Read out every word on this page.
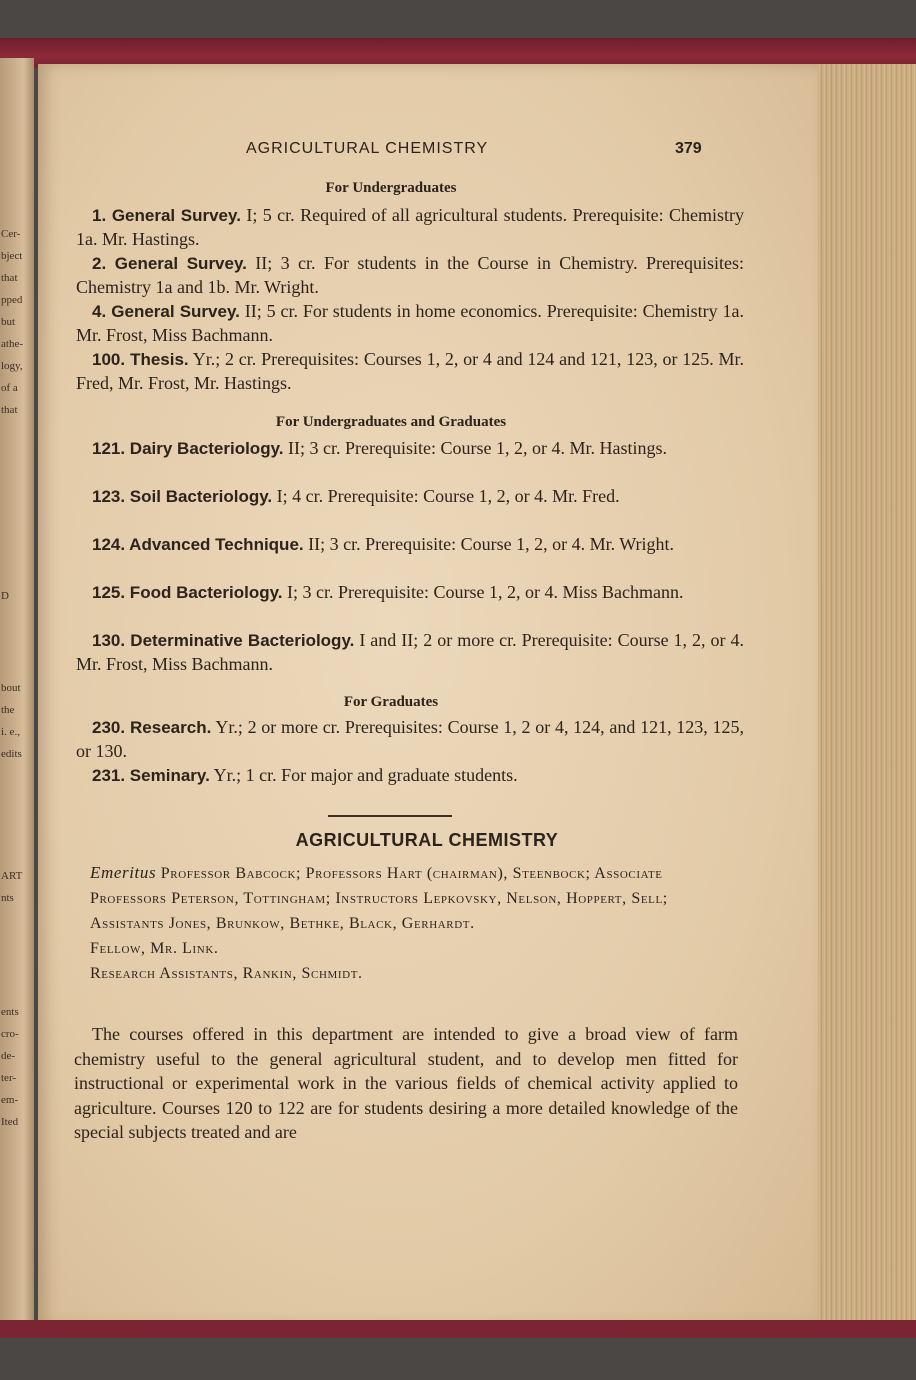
Cer-
bject
that
pped
but
athe-
logy,
of a
that
D
bout
the
i. e.,
edits
ART
nts
ents
cro-
de-
ter-
em-
Ited
AGRICULTURAL CHEMISTRY	379
For Undergraduates
1. General Survey. I; 5 cr. Required of all agricultural students. Prerequisite: Chemistry 1a. Mr. Hastings.
2. General Survey. II; 3 cr. For students in the Course in Chemistry. Prerequisites: Chemistry 1a and 1b. Mr. Wright.
4. General Survey. II; 5 cr. For students in home economics. Prerequisite: Chemistry 1a. Mr. Frost, Miss Bachmann.
100. Thesis. Yr.; 2 cr. Prerequisites: Courses 1, 2, or 4 and 124 and 121, 123, or 125. Mr. Fred, Mr. Frost, Mr. Hastings.
For Undergraduates and Graduates
121. Dairy Bacteriology. II; 3 cr. Prerequisite: Course 1, 2, or 4. Mr. Hastings.
123. Soil Bacteriology. I; 4 cr. Prerequisite: Course 1, 2, or 4. Mr. Fred.
124. Advanced Technique. II; 3 cr. Prerequisite: Course 1, 2, or 4. Mr. Wright.
125. Food Bacteriology. I; 3 cr. Prerequisite: Course 1, 2, or 4. Miss Bachmann.
130. Determinative Bacteriology. I and II; 2 or more cr. Prerequisite: Course 1, 2, or 4. Mr. Frost, Miss Bachmann.
For Graduates
230. Research. Yr.; 2 or more cr. Prerequisites: Course 1, 2 or 4, 124, and 121, 123, 125, or 130.
231. Seminary. Yr.; 1 cr. For major and graduate students.
AGRICULTURAL CHEMISTRY
Emeritus Professor Babcock; Professors Hart (chairman), Steenbock; Associate Professors Peterson, Tottingham; Instructors Lepkovsky, Nelson, Hoppert, Sell; Assistants Jones, Brunkow, Bethke, Black, Gerhardt.
Fellow, Mr. Link.
Research Assistants, Rankin, Schmidt.
The courses offered in this department are intended to give a broad view of farm chemistry useful to the general agricultural student, and to develop men fitted for instructional or experimental work in the various fields of chemical activity applied to agriculture. Courses 120 to 122 are for students desiring a more detailed knowledge of the special subjects treated and are
